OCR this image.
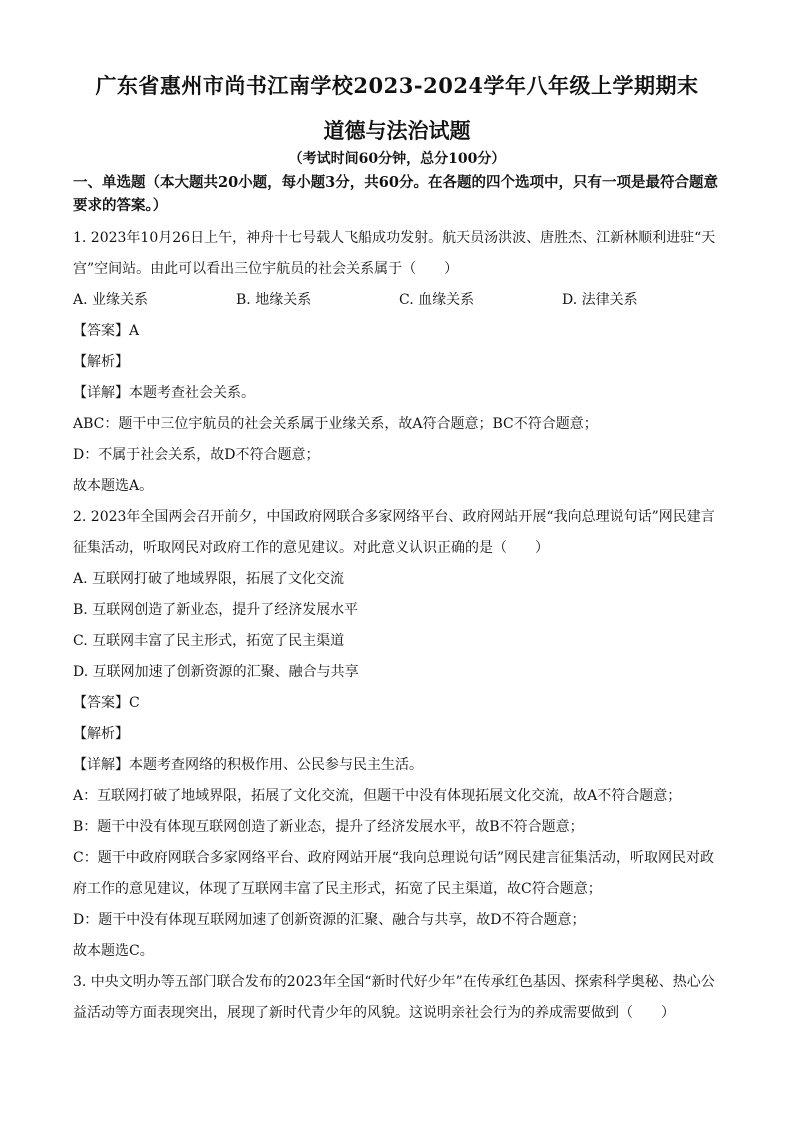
广东省惠州市尚书江南学校2023-2024学年八年级上学期期末
道德与法治试题
（考试时间60分钟，总分100分）
一、单选题（本大题共20小题，每小题3分，共60分。在各题的四个选项中，只有一项是最符合题意要求的答案。）
1. 2023年10月26日上午，神舟十七号载人飞船成功发射。航天员汤洪波、唐胜杰、江新林顺利进驻“天宫”空间站。由此可以看出三位宇航员的社会关系属于（　　）
A. 业缘关系	B. 地缘关系	C. 血缘关系	D. 法律关系
【答案】A
【解析】
【详解】本题考查社会关系。
ABC：题干中三位宇航员的社会关系属于业缘关系，故A符合题意；BC不符合题意；
D：不属于社会关系，故D不符合题意；
故本题选A。
2. 2023年全国两会召开前夕，中国政府网联合多家网络平台、政府网站开展“我向总理说句话”网民建言征集活动，听取网民对政府工作的意见建议。对此意义认识正确的是（　　）
A. 互联网打破了地域界限，拓展了文化交流
B. 互联网创造了新业态，提升了经济发展水平
C. 互联网丰富了民主形式，拓宽了民主渠道
D. 互联网加速了创新资源的汇聚、融合与共享
【答案】C
【解析】
【详解】本题考查网络的积极作用、公民参与民主生活。
A：互联网打破了地域界限，拓展了文化交流，但题干中没有体现拓展文化交流，故A不符合题意；
B：题干中没有体现互联网创造了新业态，提升了经济发展水平，故B不符合题意；
C：题干中政府网联合多家网络平台、政府网站开展“我向总理说句话”网民建言征集活动，听取网民对政府工作的意见建议，体现了互联网丰富了民主形式，拓宽了民主渠道，故C符合题意；
D：题干中没有体现互联网加速了创新资源的汇聚、融合与共享，故D不符合题意；
故本题选C。
3. 中央文明办等五部门联合发布的2023年全国“新时代好少年”在传承红色基因、探索科学奥秘、热心公益活动等方面表现突出，展现了新时代青少年的风貌。这说明亲社会行为的养成需要做到（　　）
